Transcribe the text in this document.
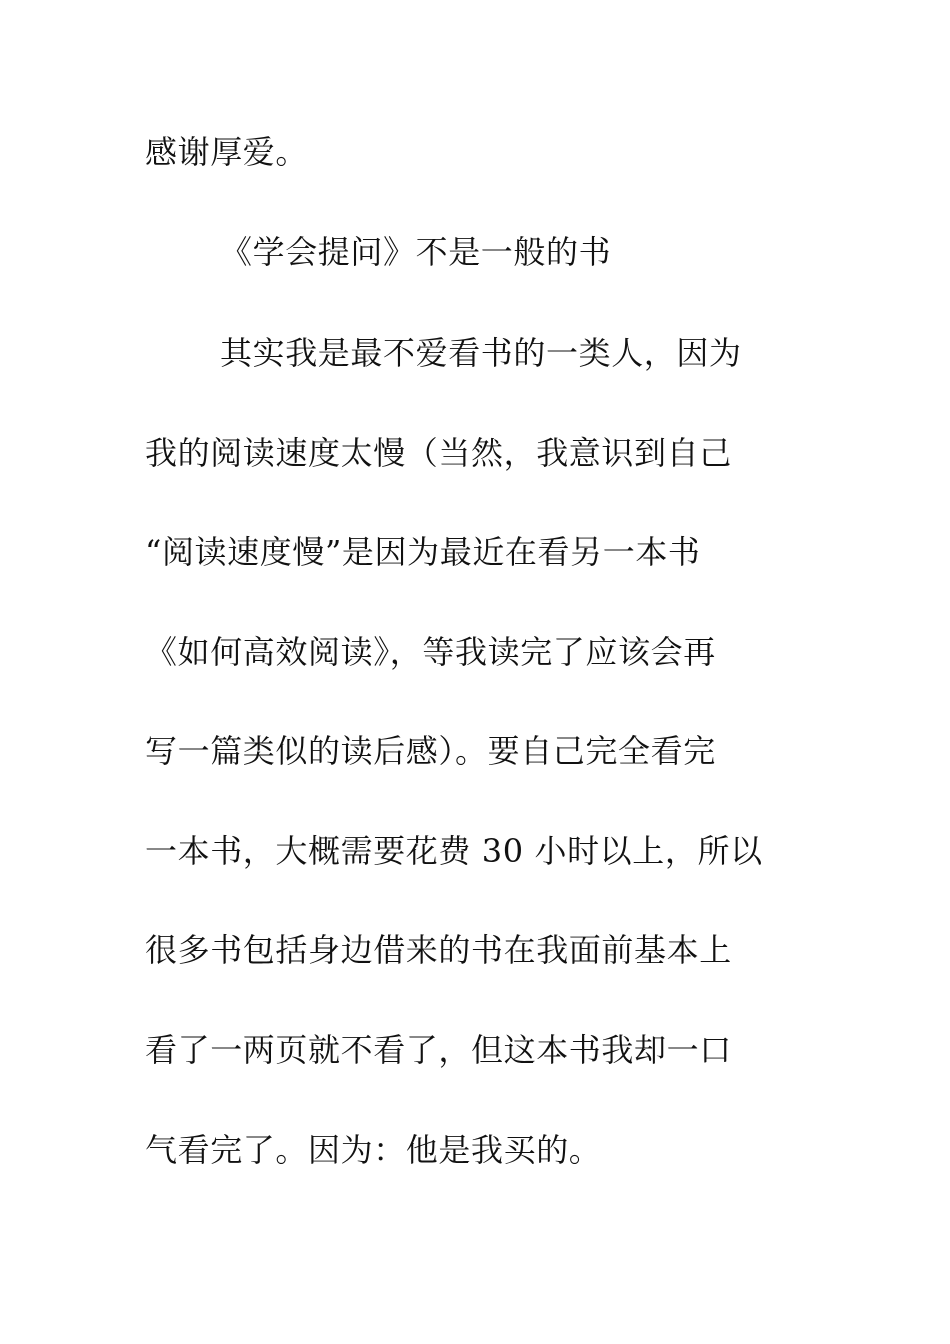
感谢厚爱。
《学会提问》不是一般的书
其实我是最不爱看书的一类人，因为
我的阅读速度太慢（当然，我意识到自己
“阅读速度慢”是因为最近在看另一本书
《如何高效阅读》，等我读完了应该会再
写一篇类似的读后感）。要自己完全看完
一本书，大概需要花费 30 小时以上，所以
很多书包括身边借来的书在我面前基本上
看了一两页就不看了，但这本书我却一口
气看完了。因为：他是我买的。
